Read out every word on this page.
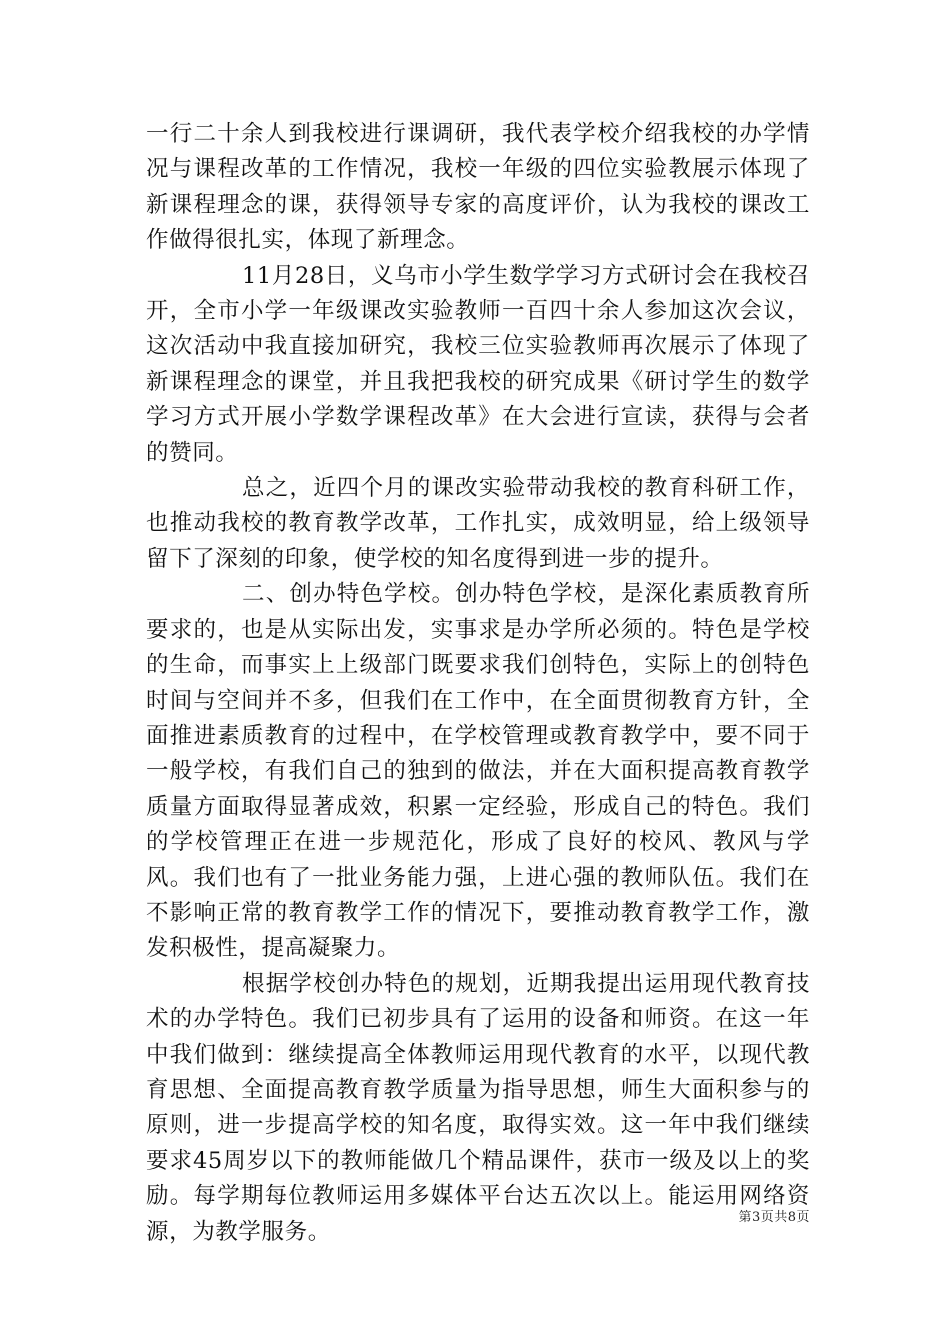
一行二十余人到我校进行课调研，我代表学校介绍我校的办学情况与课程改革的工作情况，我校一年级的四位实验教展示体现了新课程理念的课，获得领导专家的高度评价，认为我校的课改工作做得很扎实，体现了新理念。

11月28日，义乌市小学生数学学习方式研讨会在我校召开，全市小学一年级课改实验教师一百四十余人参加这次会议，这次活动中我直接加研究，我校三位实验教师再次展示了体现了新课程理念的课堂，并且我把我校的研究成果《研讨学生的数学学习方式开展小学数学课程改革》在大会进行宣读，获得与会者的赞同。

总之，近四个月的课改实验带动我校的教育科研工作，也推动我校的教育教学改革，工作扎实，成效明显，给上级领导留下了深刻的印象，使学校的知名度得到进一步的提升。

二、创办特色学校。创办特色学校，是深化素质教育所要求的，也是从实际出发，实事求是办学所必须的。特色是学校的生命，而事实上上级部门既要求我们创特色，实际上的创特色时间与空间并不多，但我们在工作中，在全面贯彻教育方针，全面推进素质教育的过程中，在学校管理或教育教学中，要不同于一般学校，有我们自己的独到的做法，并在大面积提高教育教学质量方面取得显著成效，积累一定经验，形成自己的特色。我们的学校管理正在进一步规范化，形成了良好的校风、教风与学风。我们也有了一批业务能力强，上进心强的教师队伍。我们在不影响正常的教育教学工作的情况下，要推动教育教学工作，激发积极性，提高凝聚力。

根据学校创办特色的规划，近期我提出运用现代教育技术的办学特色。我们已初步具有了运用的设备和师资。在这一年中我们做到：继续提高全体教师运用现代教育的水平，以现代教育思想、全面提高教育教学质量为指导思想，师生大面积参与的原则，进一步提高学校的知名度，取得实效。这一年中我们继续要求45周岁以下的教师能做几个精品课件，获市一级及以上的奖励。每学期每位教师运用多媒体平台达五次以上。能运用网络资源，为教学服务。

第3页共8页
